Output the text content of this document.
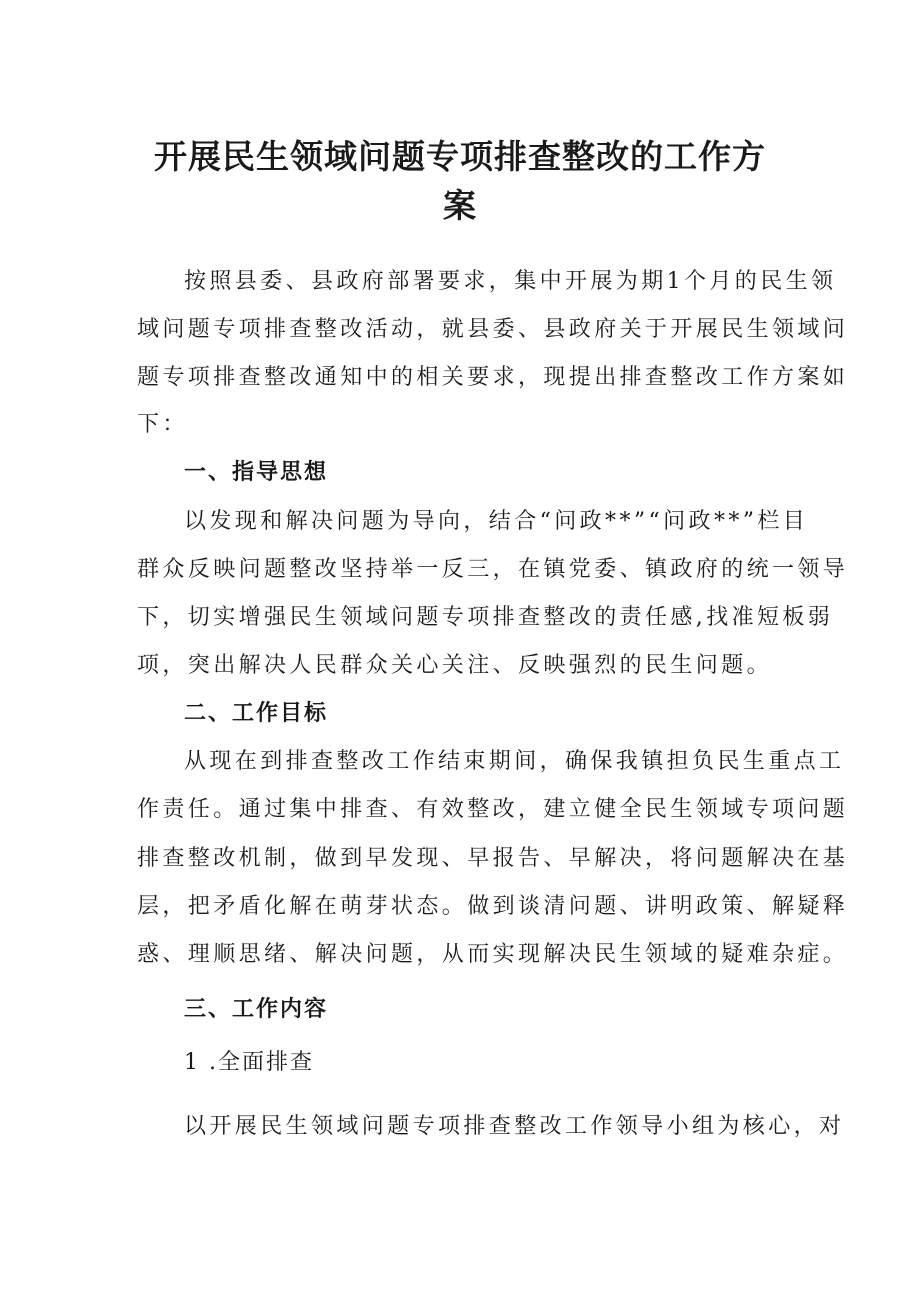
开展民生领域问题专项排查整改的工作方
案

按照县委、县政府部署要求，集中开展为期1个月的民生领

域问题专项排查整改活动，就县委、县政府关于开展民生领域问

题专项排查整改通知中的相关要求，现提出排查整改工作方案如

下：

一、指导思想

以发现和解决问题为导向，结合“问政**”“问政**”栏目

群众反映问题整改坚持举一反三，在镇党委、镇政府的统一领导

下，切实增强民生领域问题专项排查整改的责任感,找准短板弱

项，突出解决人民群众关心关注、反映强烈的民生问题。

二、工作目标

从现在到排查整改工作结束期间，确保我镇担负民生重点工

作责任。通过集中排查、有效整改，建立健全民生领域专项问题

排查整改机制，做到早发现、早报告、早解决，将问题解决在基

层，把矛盾化解在萌芽状态。做到谈清问题、讲明政策、解疑释

惑、理顺思绪、解决问题，从而实现解决民生领域的疑难杂症。

三、工作内容

1 .全面排查

以开展民生领域问题专项排查整改工作领导小组为核心，对
